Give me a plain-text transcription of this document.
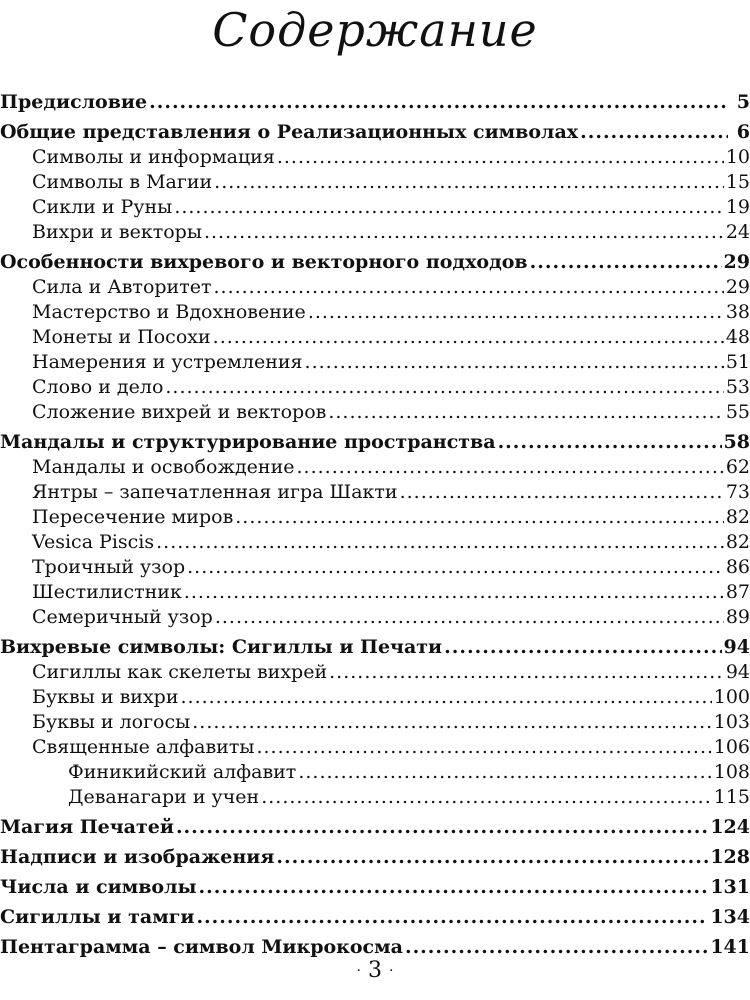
Содержание
Предисловие .....	5
Общие представления о Реализационных символах .....	6
Символы и информация .....	10
Символы в Магии .....	15
Сикли и Руны .....	19
Вихри и векторы .....	24
Особенности вихревого и векторного подходов .....	29
Сила и Авторитет .....	29
Мастерство и Вдохновение .....	38
Монеты и Посохи .....	48
Намерения и устремления .....	51
Слово и дело .....	53
Сложение вихрей и векторов .....	55
Мандалы и структурирование пространства .....	58
Мандалы и освобождение .....	62
Янтры – запечатленная игра Шакти .....	73
Пересечение миров .....	82
Vesica Piscis .....	82
Троичный узор .....	86
Шестилистник .....	87
Семеричный узор .....	89
Вихревые символы: Сигиллы и Печати .....	94
Сигиллы как скелеты вихрей .....	94
Буквы и вихри .....	100
Буквы и логосы .....	103
Священные алфавиты .....	106
Финикийский алфавит .....	108
Деванагари и учен .....	115
Магия Печатей .....	124
Надписи и изображения .....	128
Числа и символы .....	131
Сигиллы и тамги .....	134
Пентаграмма – символ Микрокосма .....	141
· 3 ·
